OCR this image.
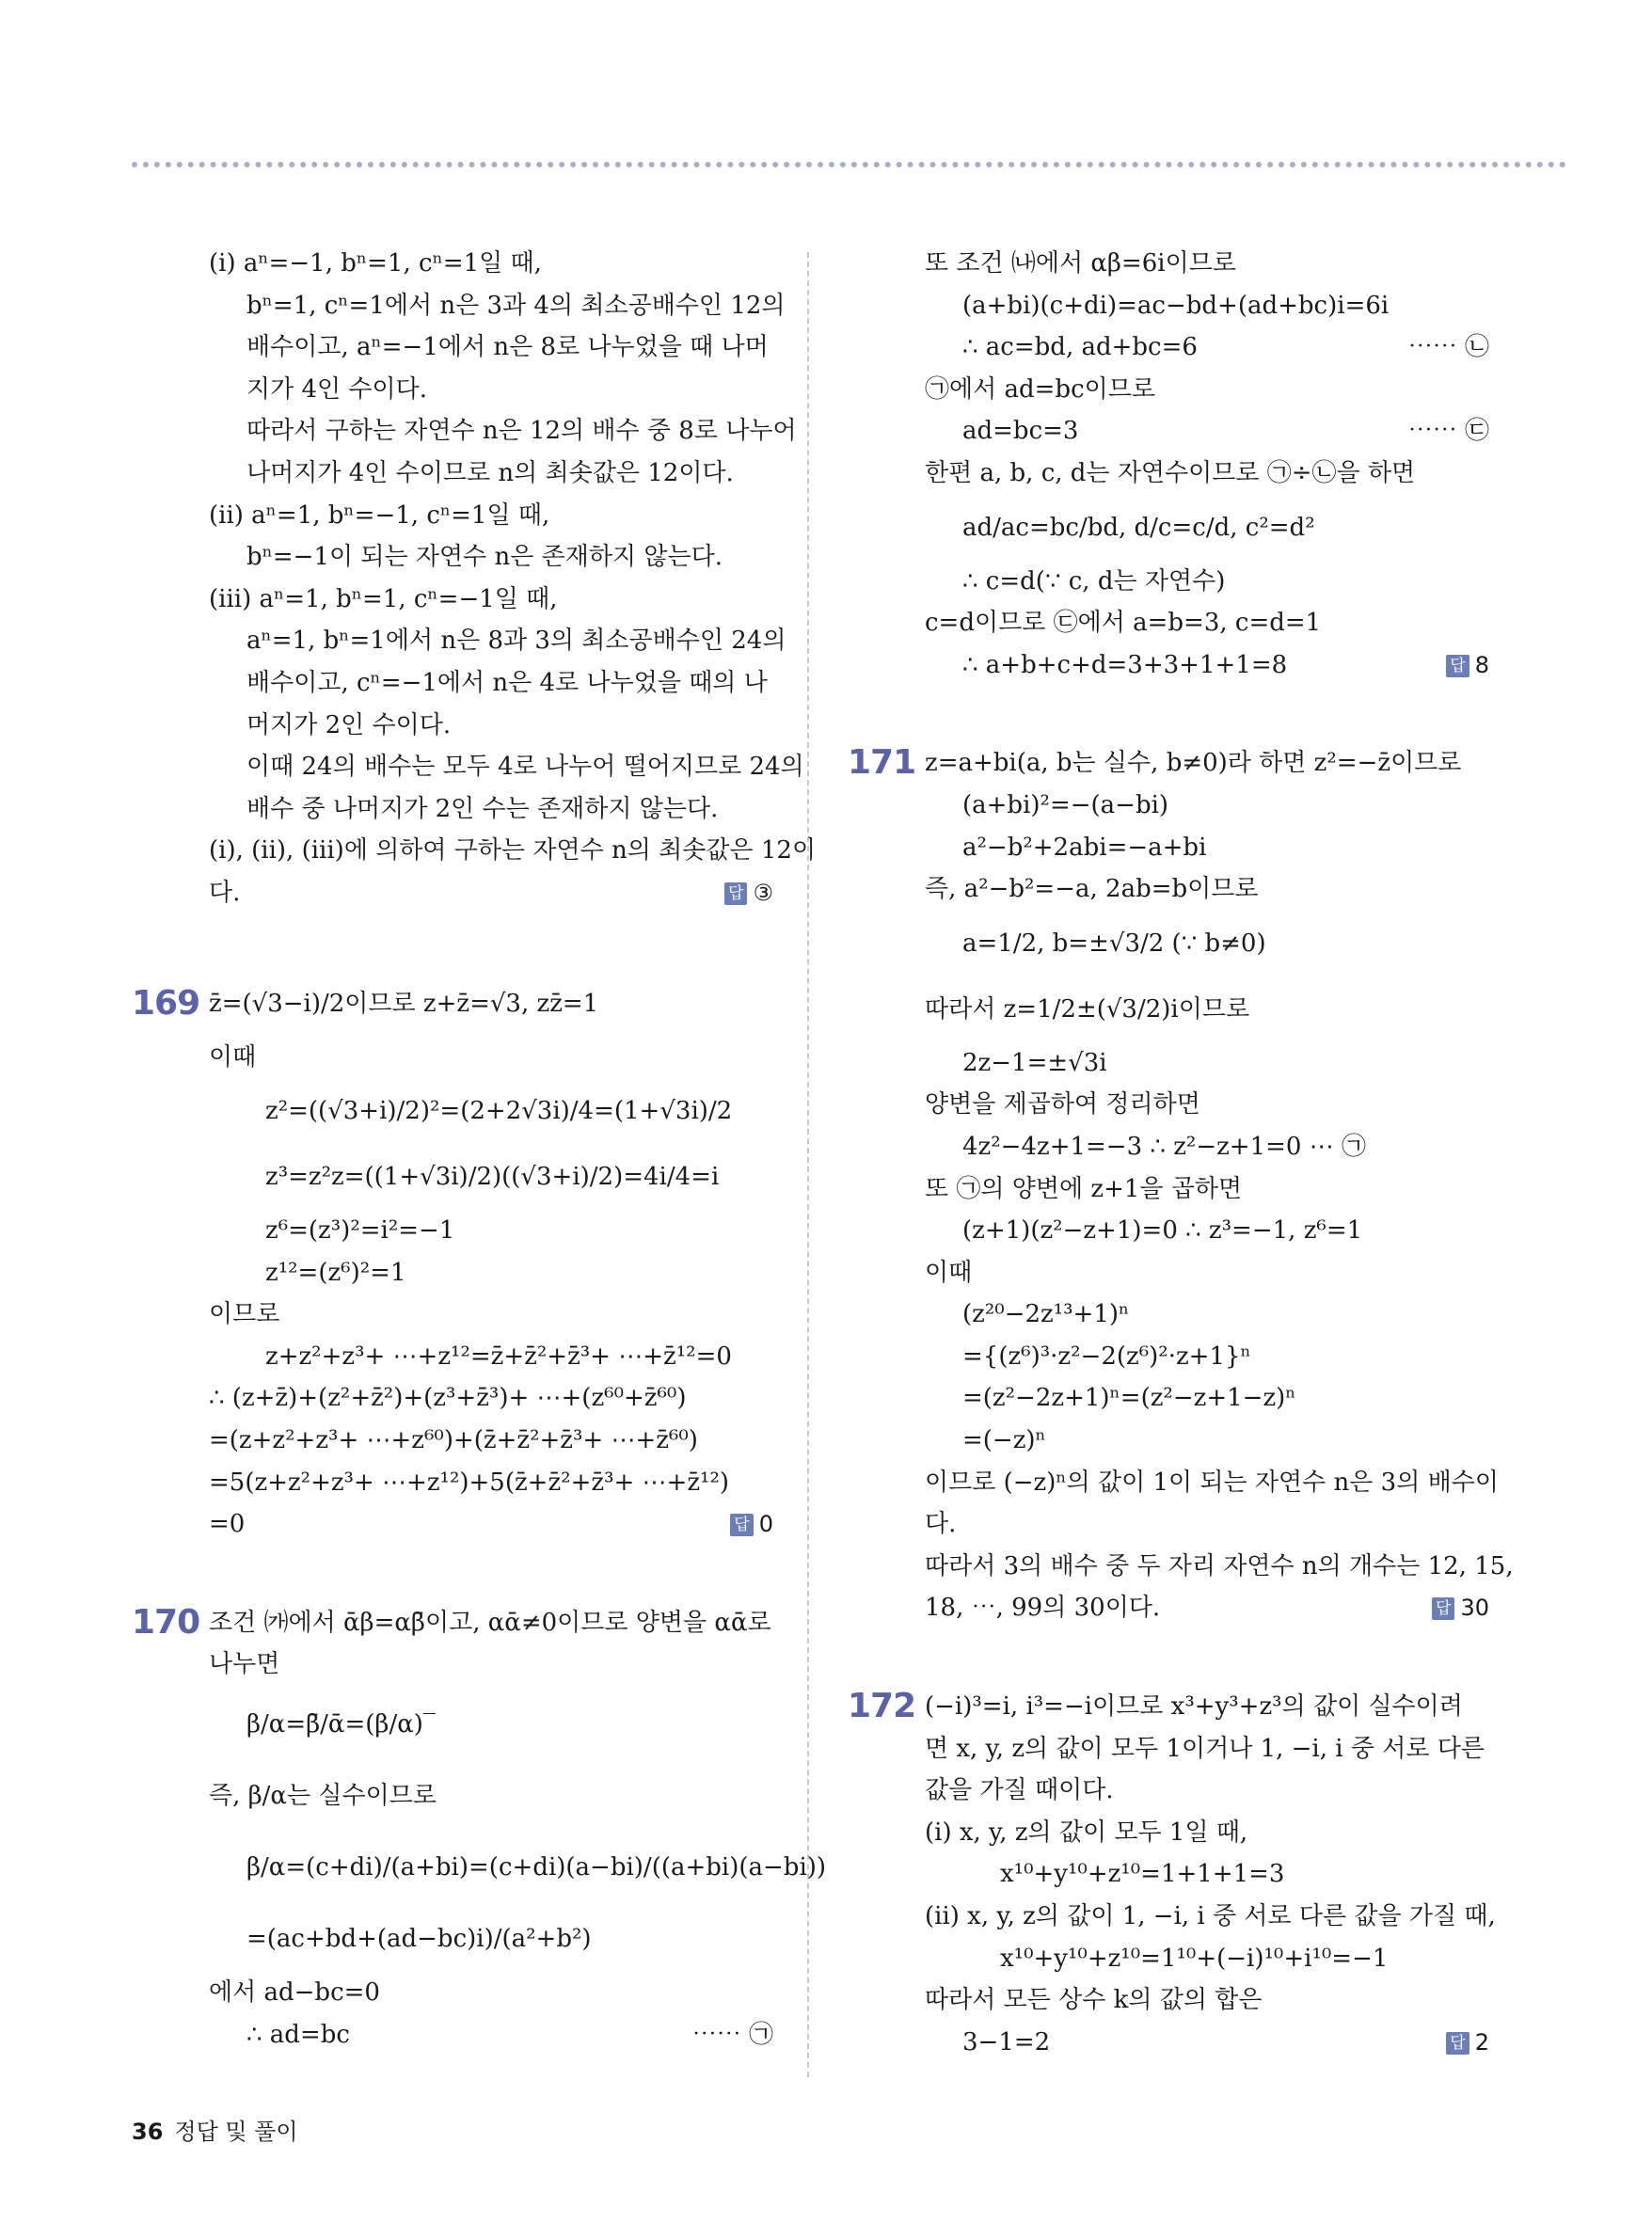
(ⅰ) aⁿ=−1, bⁿ=1, cⁿ=1일 때,
bⁿ=1, cⁿ=1에서 n은 3과 4의 최소공배수인 12의
배수이고, aⁿ=−1에서 n은 8로 나누었을 때 나머
지가 4인 수이다.
따라서 구하는 자연수 n은 12의 배수 중 8로 나누어
나머지가 4인 수이므로 n의 최솟값은 12이다.
(ⅱ) aⁿ=1, bⁿ=−1, cⁿ=1일 때,
bⁿ=−1이 되는 자연수 n은 존재하지 않는다.
(ⅲ) aⁿ=1, bⁿ=1, cⁿ=−1일 때,
aⁿ=1, bⁿ=1에서 n은 8과 3의 최소공배수인 24의
배수이고, cⁿ=−1에서 n은 4로 나누었을 때의 나
머지가 2인 수이다.
이때 24의 배수는 모두 4로 나누어 떨어지므로 24의
배수 중 나머지가 2인 수는 존재하지 않는다.
(ⅰ), (ⅱ), (ⅲ)에 의하여 구하는 자연수 n의 최솟값은 12이
다.	답 ③
169 z̄=(√3−i)/2이므로 z+z̄=√3, zz̄=1
이때
z²=((√3+i)/2)²=(2+2√3i)/4=(1+√3i)/2
z³=z²z=((1+√3i)/2)((√3+i)/2)=4i/4=i
z⁶=(z³)²=i²=−1
z¹²=(z⁶)²=1
이므로
z+z²+z³+ ⋯+z¹²=z̄+z̄²+z̄³+ ⋯+z̄¹²=0
∴ (z+z̄)+(z²+z̄²)+(z³+z̄³)+ ⋯+(z⁶⁰+z̄⁶⁰)
=(z+z²+z³+ ⋯+z⁶⁰)+(z̄+z̄²+z̄³+ ⋯+z̄⁶⁰)
=5(z+z²+z³+ ⋯+z¹²)+5(z̄+z̄²+z̄³+ ⋯+z̄¹²)
=0	답 0
170 조건 ㈎에서 ᾱβ=αβ̄이고, αᾱ≠0이므로 양변을 αᾱ로
나누면
β/α=β̄/ᾱ=(β/α)‾
즉, β/α는 실수이므로
β/α=(c+di)/(a+bi)=(c+di)(a−bi)/((a+bi)(a−bi))
=(ac+bd+(ad−bc)i)/(a²+b²)
에서 ad−bc=0
∴ ad=bc	⋯⋯ ㉠
또 조건 ㈏에서 αβ=6i이므로
(a+bi)(c+di)=ac−bd+(ad+bc)i=6i
∴ ac=bd, ad+bc=6	⋯⋯ ㉡
㉠에서 ad=bc이므로
ad=bc=3	⋯⋯ ㉢
한편 a, b, c, d는 자연수이므로 ㉠÷㉡을 하면
ad/ac=bc/bd, d/c=c/d, c²=d²
∴ c=d(∵ c, d는 자연수)
c=d이므로 ㉢에서 a=b=3, c=d=1
∴ a+b+c+d=3+3+1+1=8	답 8
171 z=a+bi(a, b는 실수, b≠0)라 하면 z²=−z̄이므로
(a+bi)²=−(a−bi)
a²−b²+2abi=−a+bi
즉, a²−b²=−a, 2ab=b이므로
a=1/2, b=±√3/2 (∵ b≠0)
따라서 z=1/2±(√3/2)i이므로
2z−1=±√3i
양변을 제곱하여 정리하면
4z²−4z+1=−3 ∴ z²−z+1=0 ⋯ ㉠
또 ㉠의 양변에 z+1을 곱하면
(z+1)(z²−z+1)=0 ∴ z³=−1, z⁶=1
이때
(z²⁰−2z¹³+1)ⁿ
={(z⁶)³·z²−2(z⁶)²·z+1}ⁿ
=(z²−2z+1)ⁿ=(z²−z+1−z)ⁿ
=(−z)ⁿ
이므로 (−z)ⁿ의 값이 1이 되는 자연수 n은 3의 배수이
다.
따라서 3의 배수 중 두 자리 자연수 n의 개수는 12, 15,
18, ⋯, 99의 30이다.	답 30
172 (−i)³=i, i³=−i이므로 x³+y³+z³의 값이 실수이려
면 x, y, z의 값이 모두 1이거나 1, −i, i 중 서로 다른
값을 가질 때이다.
(ⅰ) x, y, z의 값이 모두 1일 때,
x¹⁰+y¹⁰+z¹⁰=1+1+1=3
(ⅱ) x, y, z의 값이 1, −i, i 중 서로 다른 값을 가질 때,
x¹⁰+y¹⁰+z¹⁰=1¹⁰+(−i)¹⁰+i¹⁰=−1
따라서 모든 상수 k의 값의 합은
3−1=2	답 2
36 정답 및 풀이
